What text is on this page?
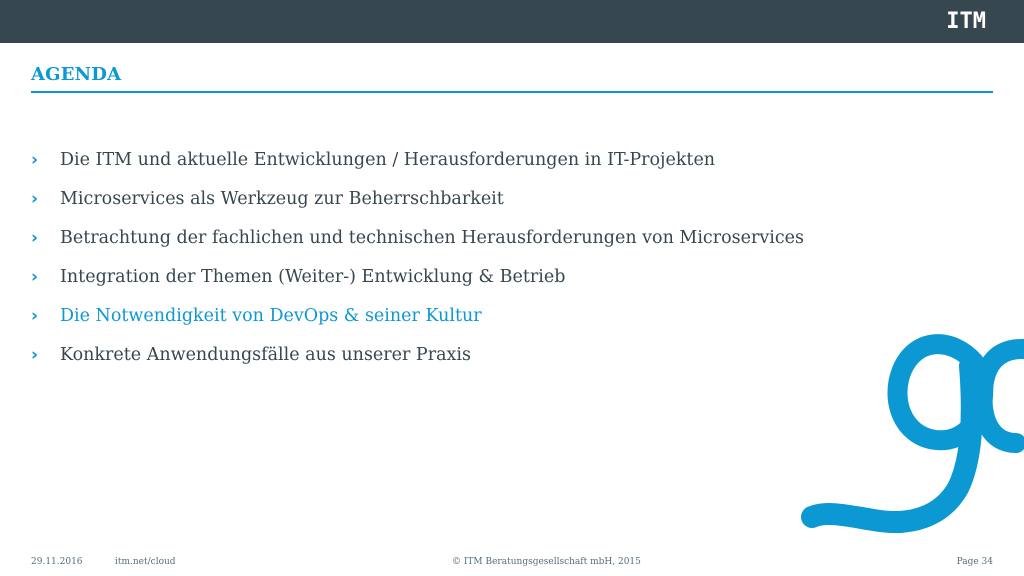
ITM
AGENDA
›	Die ITM und aktuelle Entwicklungen / Herausforderungen in IT-Projekten
›	Microservices als Werkzeug zur Beherrschbarkeit
›	Betrachtung der fachlichen und technischen Herausforderungen von Microservices
›	Integration der Themen (Weiter-) Entwicklung & Betrieb
›	Die Notwendigkeit von DevOps & seiner Kultur
›	Konkrete Anwendungsfälle aus unserer Praxis
29.11.2016	itm.net/cloud	© ITM Beratungsgesellschaft mbH, 2015	Page 34
